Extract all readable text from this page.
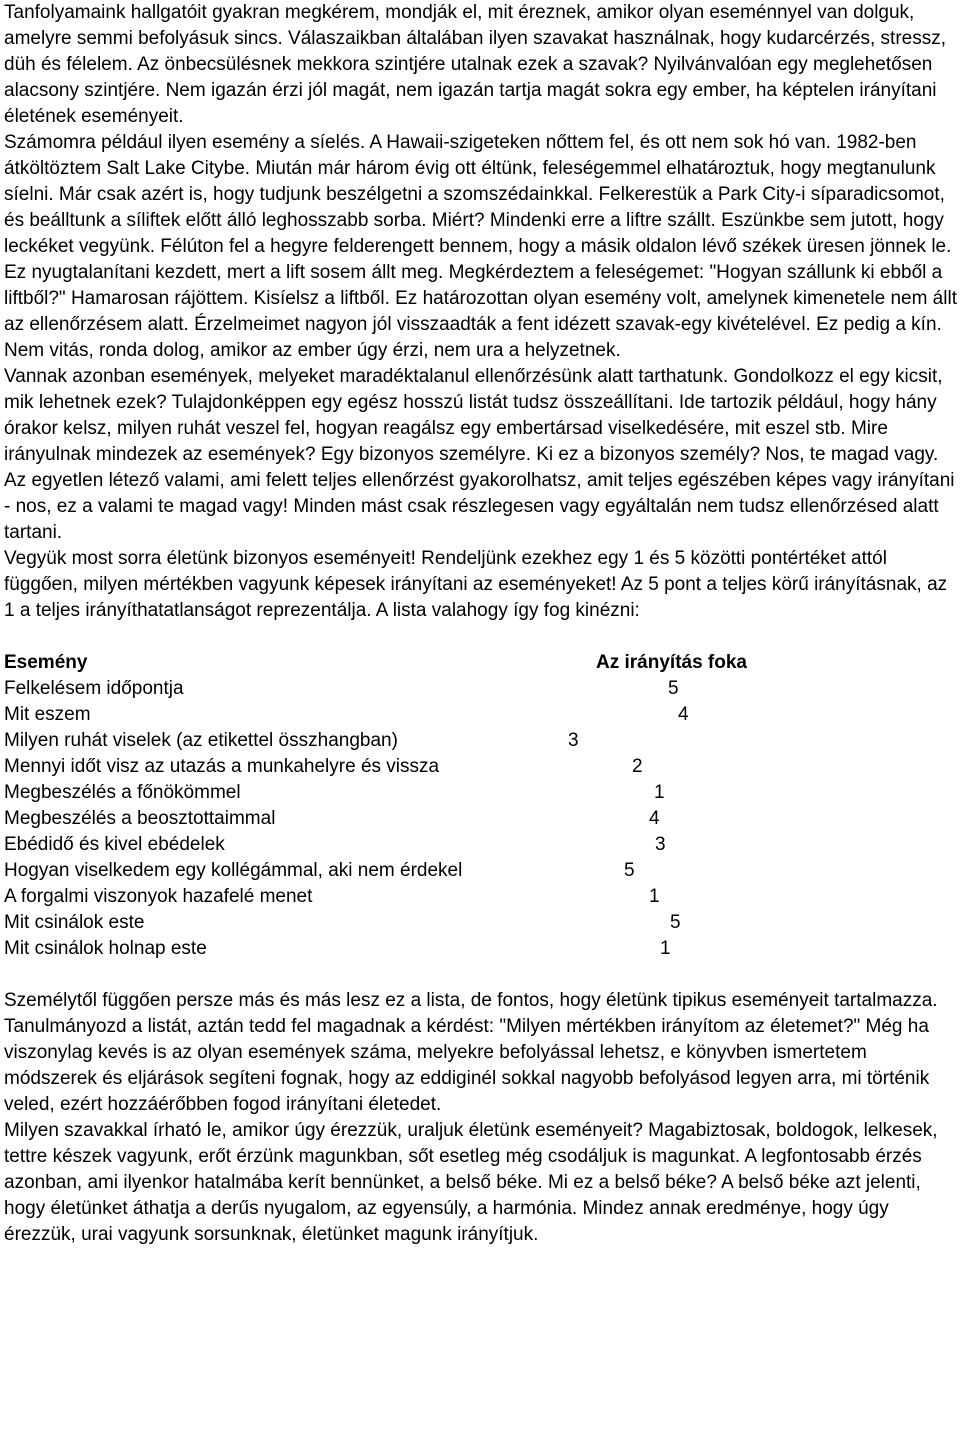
Tanfolyamaink hallgatóit gyakran megkérem, mondják el, mit éreznek, amikor olyan eseménnyel van dolguk, amelyre semmi befolyásuk sincs. Válaszaikban általában ilyen szavakat használnak, hogy kudarcérzés, stressz, düh és félelem. Az önbecsülésnek mekkora szintjére utalnak ezek a szavak? Nyilvánvalóan egy meglehetősen alacsony szintjére. Nem igazán érzi jól magát, nem igazán tartja magát sokra egy ember, ha képtelen irányítani életének eseményeit.

Számomra például ilyen esemény a síelés. A Hawaii-szigeteken nőttem fel, és ott nem sok hó van. 1982-ben átköltöztem Salt Lake Citybe. Miután már három évig ott éltünk, feleségemmel elhatároztuk, hogy megtanulunk síelni. Már csak azért is, hogy tudjunk beszélgetni a szomszédainkkal. Felkerestük a Park City-i síparadicsomot, és beálltunk a síliftek előtt álló leghosszabb sorba. Miért? Mindenki erre a liftre szállt. Eszünkbe sem jutott, hogy leckéket vegyünk. Félúton fel a hegyre felderengett bennem, hogy a másik oldalon lévő székek üresen jönnek le. Ez nyugtalanítani kezdett, mert a lift sosem állt meg. Megkérdeztem a feleségemet: "Hogyan szállunk ki ebből a liftből?" Hamarosan rájöttem. Kisíelsz a liftből. Ez határozottan olyan esemény volt, amelynek kimenetele nem állt az ellenőrzésem alatt. Érzelmeimet nagyon jól visszaadták a fent idézett szavak-egy kivételével. Ez pedig a kín. Nem vitás, ronda dolog, amikor az ember úgy érzi, nem ura a helyzetnek.

Vannak azonban események, melyeket maradéktalanul ellenőrzésünk alatt tarthatunk. Gondolkozz el egy kicsit, mik lehetnek ezek? Tulajdonképpen egy egész hosszú listát tudsz összeállítani. Ide tartozik például, hogy hány órakor kelsz, milyen ruhát veszel fel, hogyan reagálsz egy embertársad viselkedésére, mit eszel stb. Mire irányulnak mindezek az események? Egy bizonyos személyre. Ki ez a bizonyos személy? Nos, te magad vagy. Az egyetlen létező valami, ami felett teljes ellenőrzést gyakorolhatsz, amit teljes egészében képes vagy irányítani - nos, ez a valami te magad vagy! Minden mást csak részlegesen vagy egyáltalán nem tudsz ellenőrzésed alatt tartani.

Vegyük most sorra életünk bizonyos eseményeit! Rendeljünk ezekhez egy 1 és 5 közötti pontértéket attól függően, milyen mértékben vagyunk képesek irányítani az eseményeket! Az 5 pont a teljes körű irányításnak, az 1 a teljes irányíthatatlanságot reprezentálja. A lista valahogy így fog kinézni:

Esemény	Az irányítás foka
Felkelésem időpontja	5
Mit eszem	4
Milyen ruhát viselek (az etikettel összhangban)	3
Mennyi időt visz az utazás a munkahelyre és vissza	2
Megbeszélés a főnökömmel	1
Megbeszélés a beosztottaimmal	4
Ebédidő és kivel ebédelek	3
Hogyan viselkedem egy kollégámmal, aki nem érdekel	5
A forgalmi viszonyok hazafelé menet	1
Mit csinálok este	5
Mit csinálok holnap este	1

Személytől függően persze más és más lesz ez a lista, de fontos, hogy életünk tipikus eseményeit tartalmazza. Tanulmányozd a listát, aztán tedd fel magadnak a kérdést: "Milyen mértékben irányítom az életemet?" Még ha viszonylag kevés is az olyan események száma, melyekre befolyással lehetsz, e könyvben ismertetem módszerek és eljárások segíteni fognak, hogy az eddiginél sokkal nagyobb befolyásod legyen arra, mi történik veled, ezért hozzáérőbben fogod irányítani életedet.

Milyen szavakkal írható le, amikor úgy érezzük, uraljuk életünk eseményeit? Magabiztosak, boldogok, lelkesek, tettre készek vagyunk, erőt érzünk magunkban, sőt esetleg még csodáljuk is magunkat. A legfontosabb érzés azonban, ami ilyenkor hatalmába kerít bennünket, a belső béke. Mi ez a belső béke? A belső béke azt jelenti, hogy életünket áthatja a derűs nyugalom, az egyensúly, a harmónia. Mindez annak eredménye, hogy úgy érezzük, urai vagyunk sorsunknak, életünket magunk irányítjuk.
